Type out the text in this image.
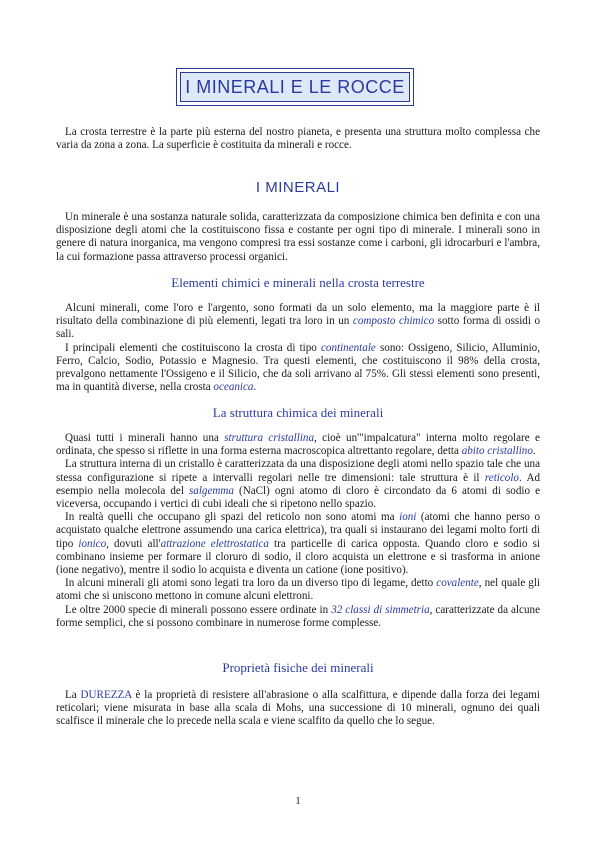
I MINERALI E LE ROCCE

La crosta terrestre è la parte più esterna del nostro pianeta, e presenta una struttura molto complessa che varia da zona a zona. La superficie è costituita da minerali e rocce.

I MINERALI

Un minerale è una sostanza naturale solida, caratterizzata da composizione chimica ben definita e con una disposizione degli atomi che la costituiscono fissa e costante per ogni tipo di minerale. I minerali sono in genere di natura inorganica, ma vengono compresi tra essi sostanze come i carboni, gli idrocarburi e l'ambra, la cui formazione passa attraverso processi organici.

Elementi chimici e minerali nella crosta terrestre
Alcuni minerali, come l'oro e l'argento, sono formati da un solo elemento, ma la maggiore parte è il risultato della combinazione di più elementi, legati tra loro in un composto chimico sotto forma di ossidi o sali.
I principali elementi che costituiscono la crosta di tipo continentale sono: Ossigeno, Silicio, Alluminio, Ferro, Calcio, Sodio, Potassio e Magnesio. Tra questi elementi, che costituiscono il 98% della crosta, prevalgono nettamente l'Ossigeno e il Silicio, che da soli arrivano al 75%. Gli stessi elementi sono presenti, ma in quantità diverse, nella crosta oceanica.
La struttura chimica dei minerali
Quasi tutti i minerali hanno una struttura cristallina, cioè un'"impalcatura" interna molto regolare e ordinata, che spesso si riflette in una forma esterna macroscopica altrettanto regolare, detta abito cristallino.
La struttura interna di un cristallo è caratterizzata da una disposizione degli atomi nello spazio tale che una stessa configurazione si ripete a intervalli regolari nelle tre dimensioni: tale struttura è il reticolo. Ad esempio nella molecola del salgemma (NaCl) ogni atomo di cloro è circondato da 6 atomi di sodio e viceversa, occupando i vertici di cubi ideali che si ripetono nello spazio.
In realtà quelli che occupano gli spazi del reticolo non sono atomi ma ioni (atomi che hanno perso o acquistato qualche elettrone assumendo una carica elettrica), tra quali si instaurano dei legami molto forti di tipo ionico, dovuti all'attrazione elettrostatica tra particelle di carica opposta. Quando cloro e sodio si combinano insieme per formare il cloruro di sodio, il cloro acquista un elettrone e si trasforma in anione (ione negativo), mentre il sodio lo acquista e diventa un catione (ione positivo).
In alcuni minerali gli atomi sono legati tra loro da un diverso tipo di legame, detto covalente, nel quale gli atomi che si uniscono mettono in comune alcuni elettroni.
Le oltre 2000 specie di minerali possono essere ordinate in 32 classi di simmetria, caratterizzate da alcune forme semplici, che si possono combinare in numerose forme complesse.
Proprietà fisiche dei minerali
La DUREZZA è la proprietà di resistere all'abrasione o alla scalfittura, e dipende dalla forza dei legami reticolari; viene misurata in base alla scala di Mohs, una successione di 10 minerali, ognuno dei quali scalfisce il minerale che lo precede nella scala e viene scalfito da quello che lo segue.
1
